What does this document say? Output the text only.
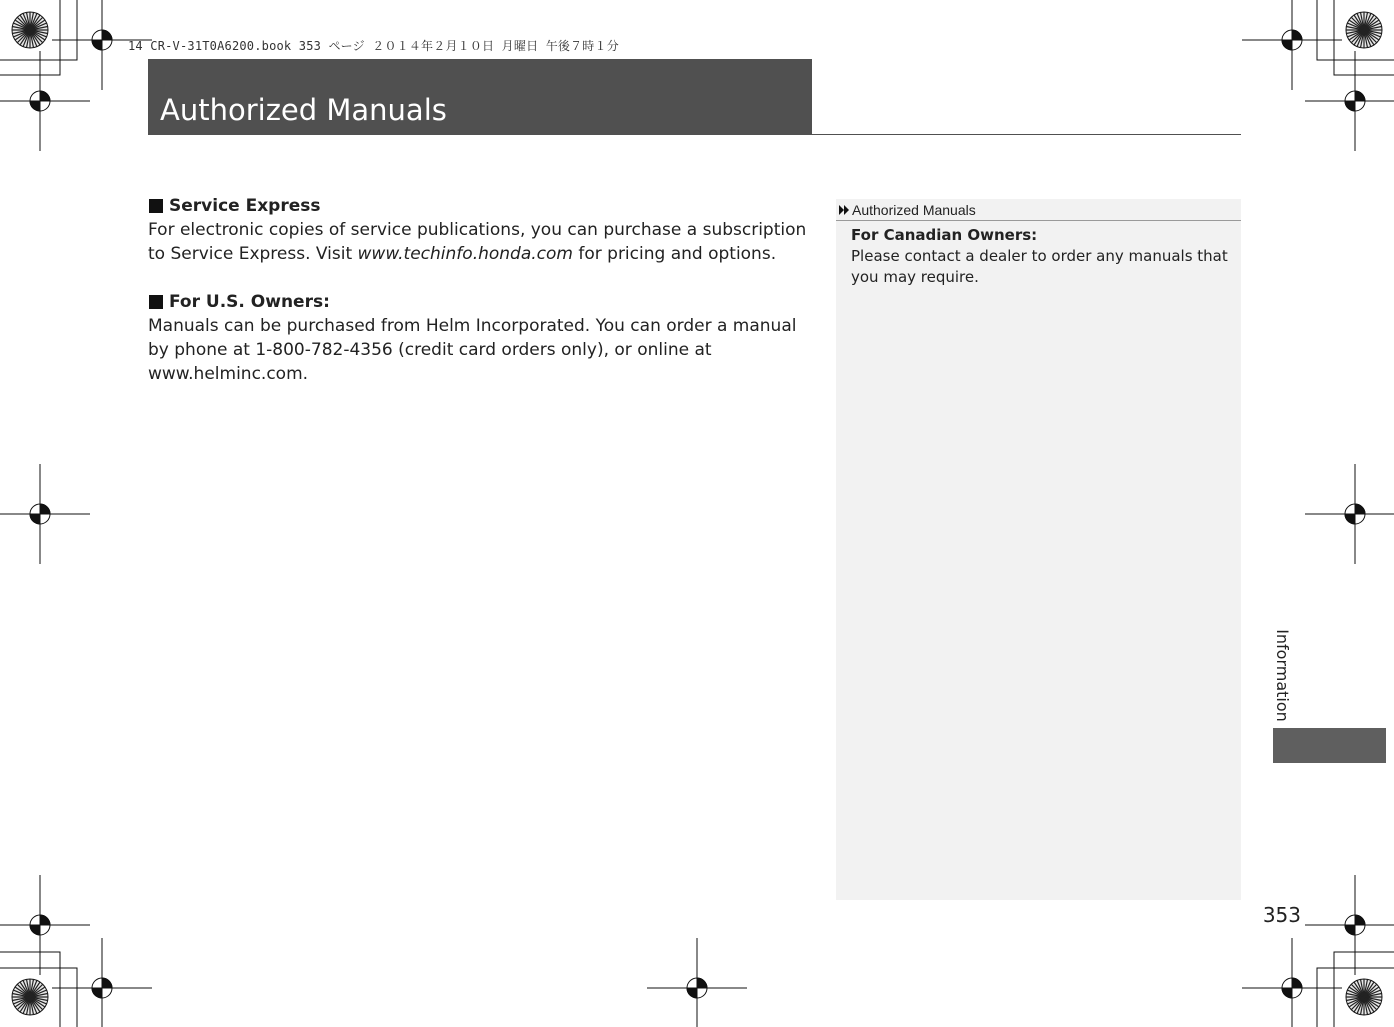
14 CR-V-31T0A6200.book 353 ページ ２０１４年２月１０日 月曜日 午後７時１分
Authorized Manuals
Service Express

For electronic copies of service publications, you can purchase a subscription to Service Express. Visit www.techinfo.honda.com for pricing and options.

For U.S. Owners:

Manuals can be purchased from Helm Incorporated. You can order a manual by phone at 1-800-782-4356 (credit card orders only), or online at www.helminc.com.

Authorized Manuals
For Canadian Owners:
Please contact a dealer to order any manuals that you may require.
Information
353
